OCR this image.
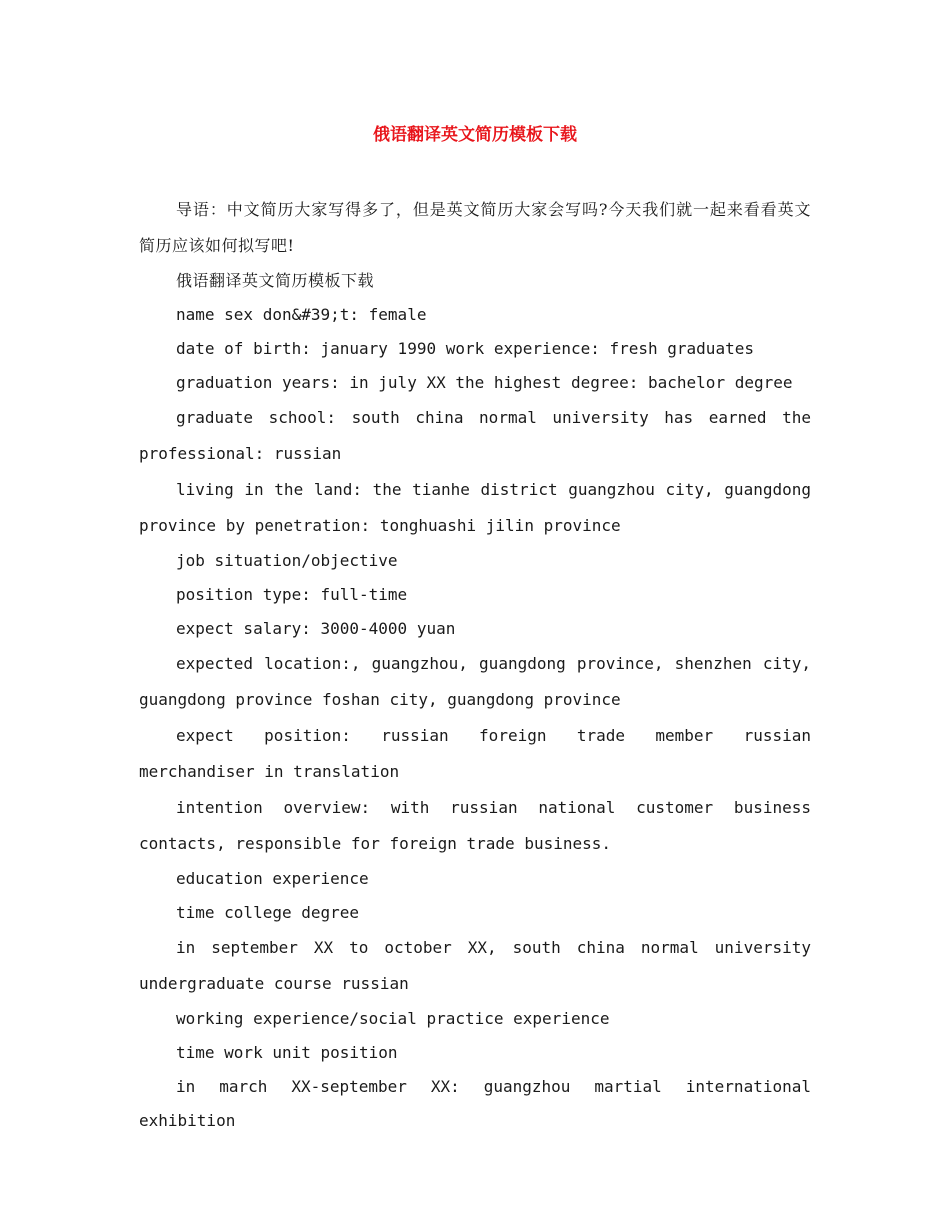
俄语翻译英文简历模板下载

导语：中文简历大家写得多了，但是英文简历大家会写吗?今天我们就一起来看看英文简历应该如何拟写吧!

俄语翻译英文简历模板下载

name sex don&#39;t: female

date of birth: january 1990 work experience: fresh graduates

graduation years: in july XX the highest degree: bachelor degree

graduate school: south china normal university has earned the professional: russian

living in the land: the tianhe district guangzhou city, guangdong province by penetration: tonghuashi jilin province

job situation/objective

position type: full-time

expect salary: 3000-4000 yuan

expected location:, guangzhou, guangdong province, shenzhen city, guangdong province foshan city, guangdong province

expect position: russian foreign trade member russian merchandiser in translation

intention overview: with russian national customer business contacts, responsible for foreign trade business.

education experience

time college degree

in september XX to october XX, south china normal university undergraduate course russian

working experience/social practice experience

time work unit position

in march XX-september XX: guangzhou martial international exhibition
